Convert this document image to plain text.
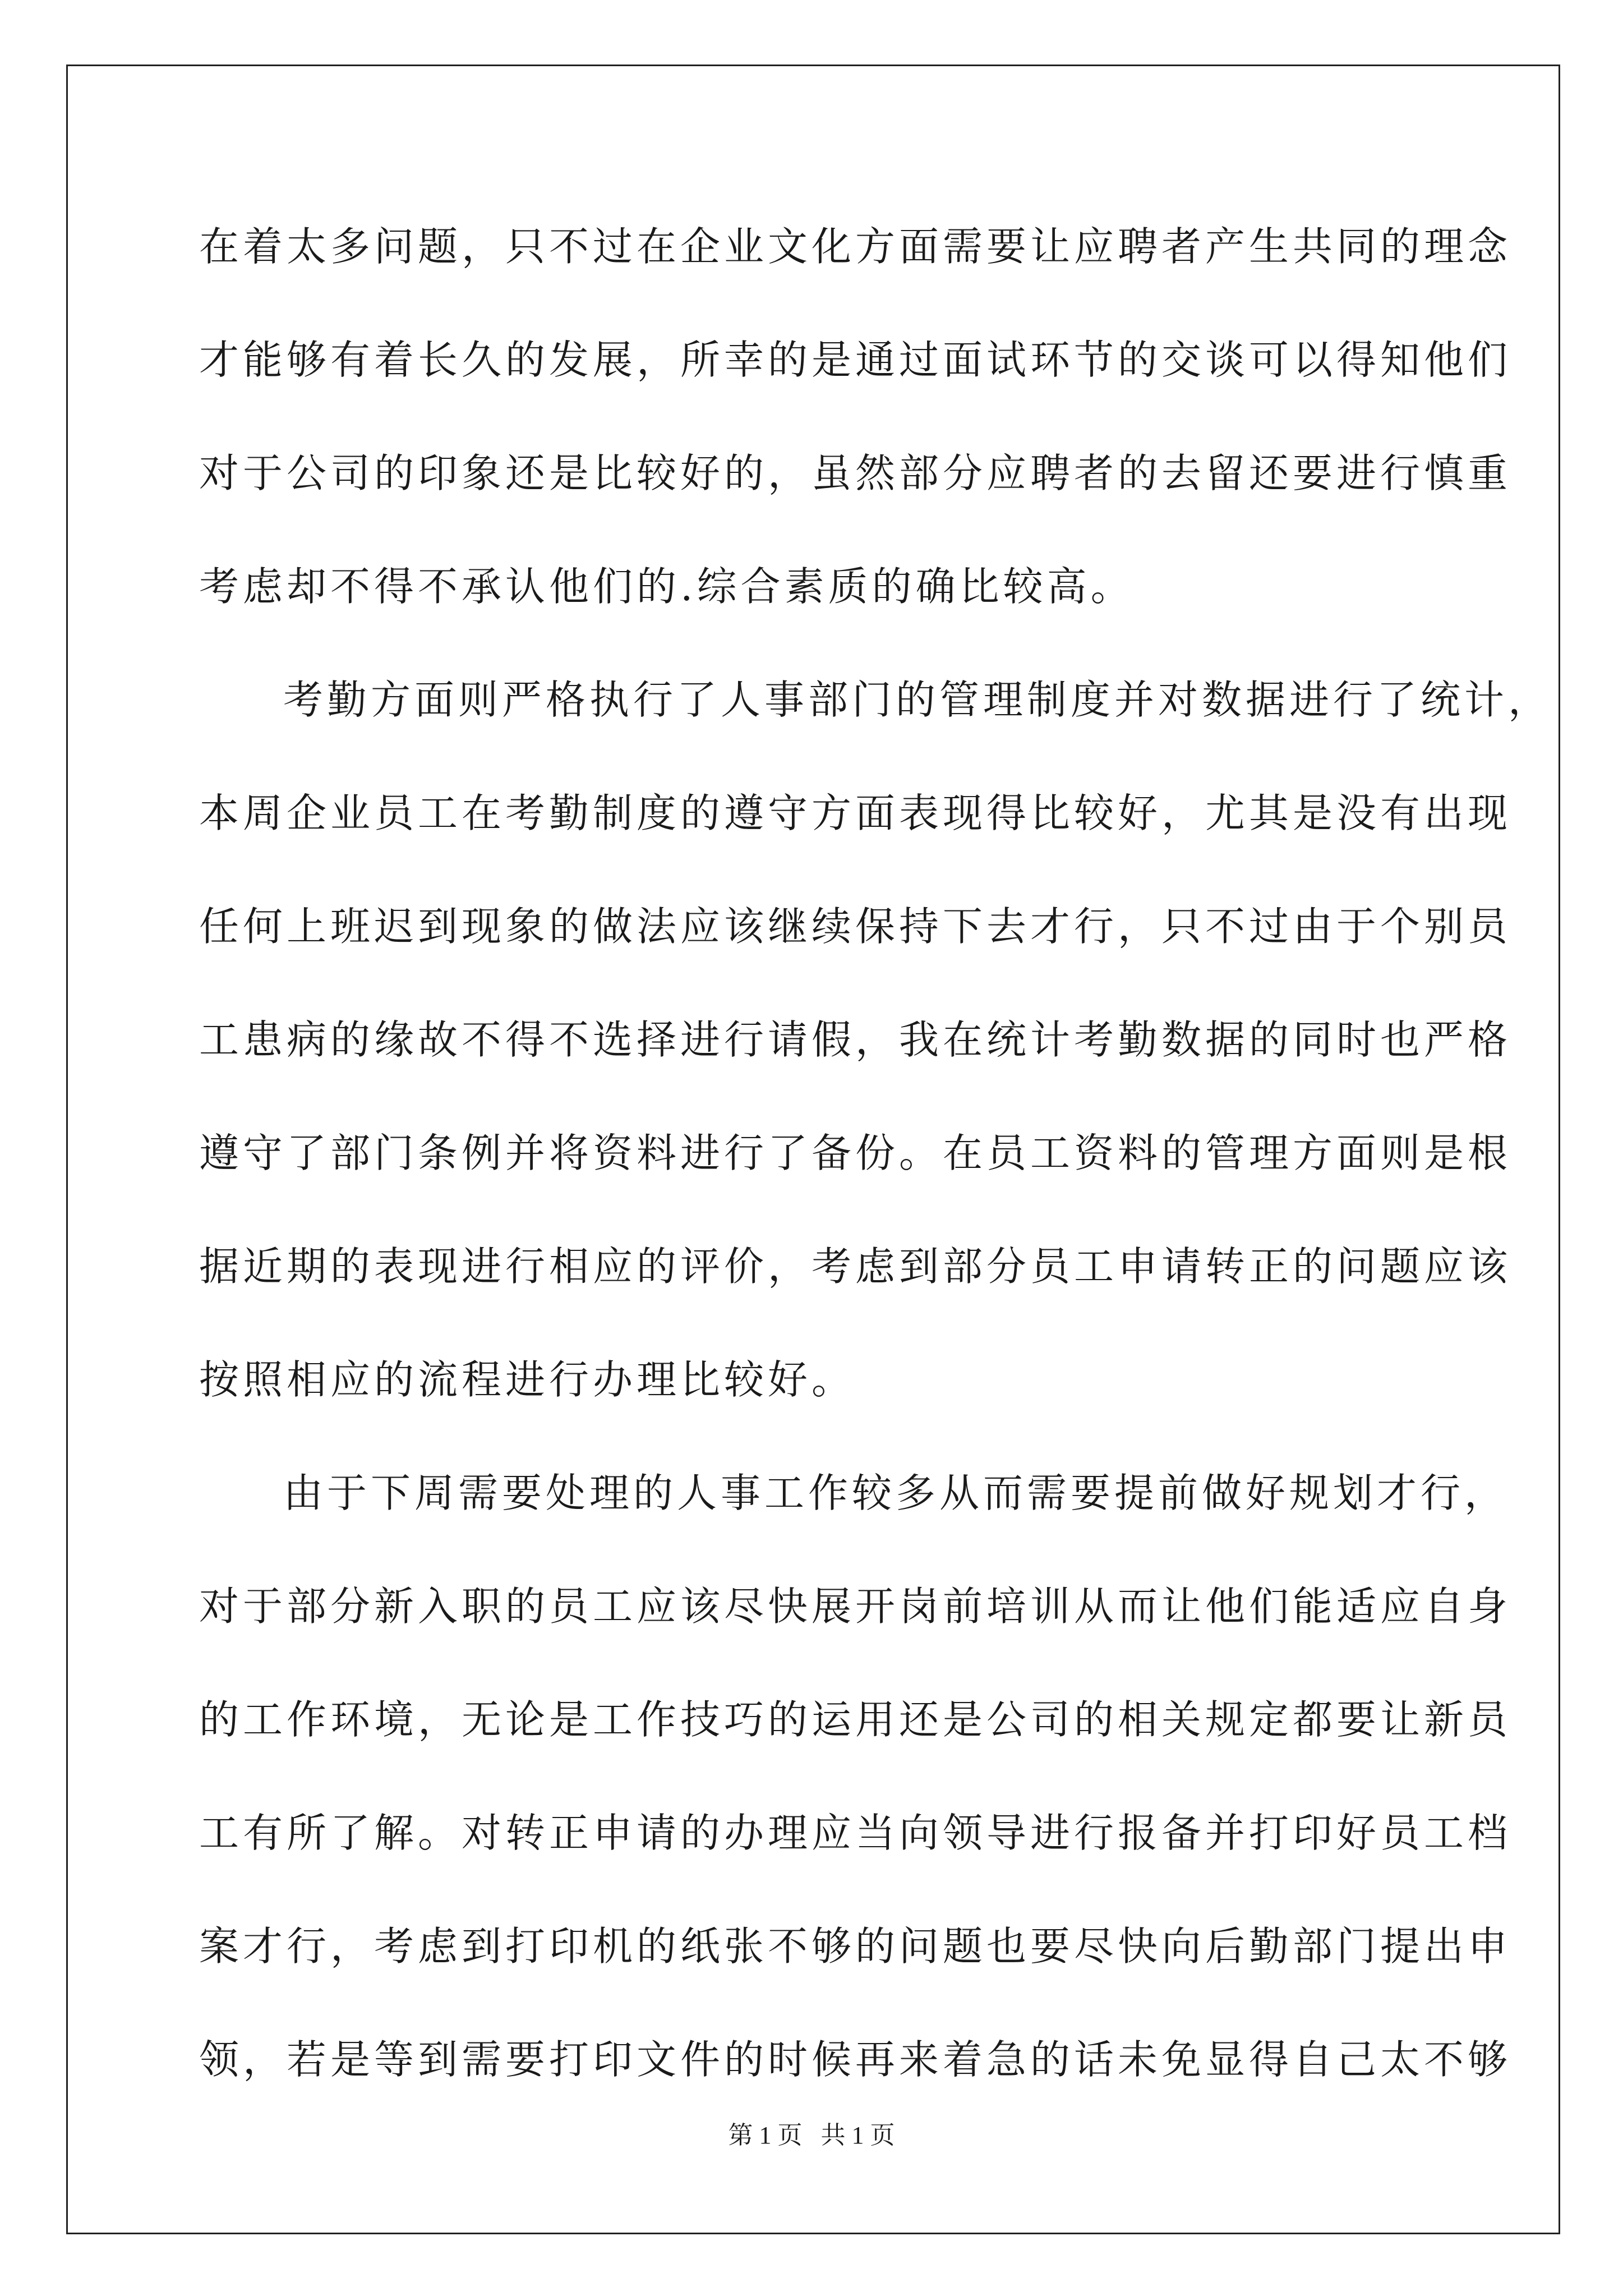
在着太多问题，只不过在企业文化方面需要让应聘者产生共同的理念
才能够有着长久的发展，所幸的是通过面试环节的交谈可以得知他们
对于公司的印象还是比较好的，虽然部分应聘者的去留还要进行慎重
考虑却不得不承认他们的.综合素质的确比较高。
考勤方面则严格执行了人事部门的管理制度并对数据进行了统计，
本周企业员工在考勤制度的遵守方面表现得比较好，尤其是没有出现
任何上班迟到现象的做法应该继续保持下去才行，只不过由于个别员
工患病的缘故不得不选择进行请假，我在统计考勤数据的同时也严格
遵守了部门条例并将资料进行了备份。在员工资料的管理方面则是根
据近期的表现进行相应的评价，考虑到部分员工申请转正的问题应该
按照相应的流程进行办理比较好。
由于下周需要处理的人事工作较多从而需要提前做好规划才行，
对于部分新入职的员工应该尽快展开岗前培训从而让他们能适应自身
的工作环境，无论是工作技巧的运用还是公司的相关规定都要让新员
工有所了解。对转正申请的办理应当向领导进行报备并打印好员工档
案才行，考虑到打印机的纸张不够的问题也要尽快向后勤部门提出申
领，若是等到需要打印文件的时候再来着急的话未免显得自己太不够
第 1 页   共 1 页
